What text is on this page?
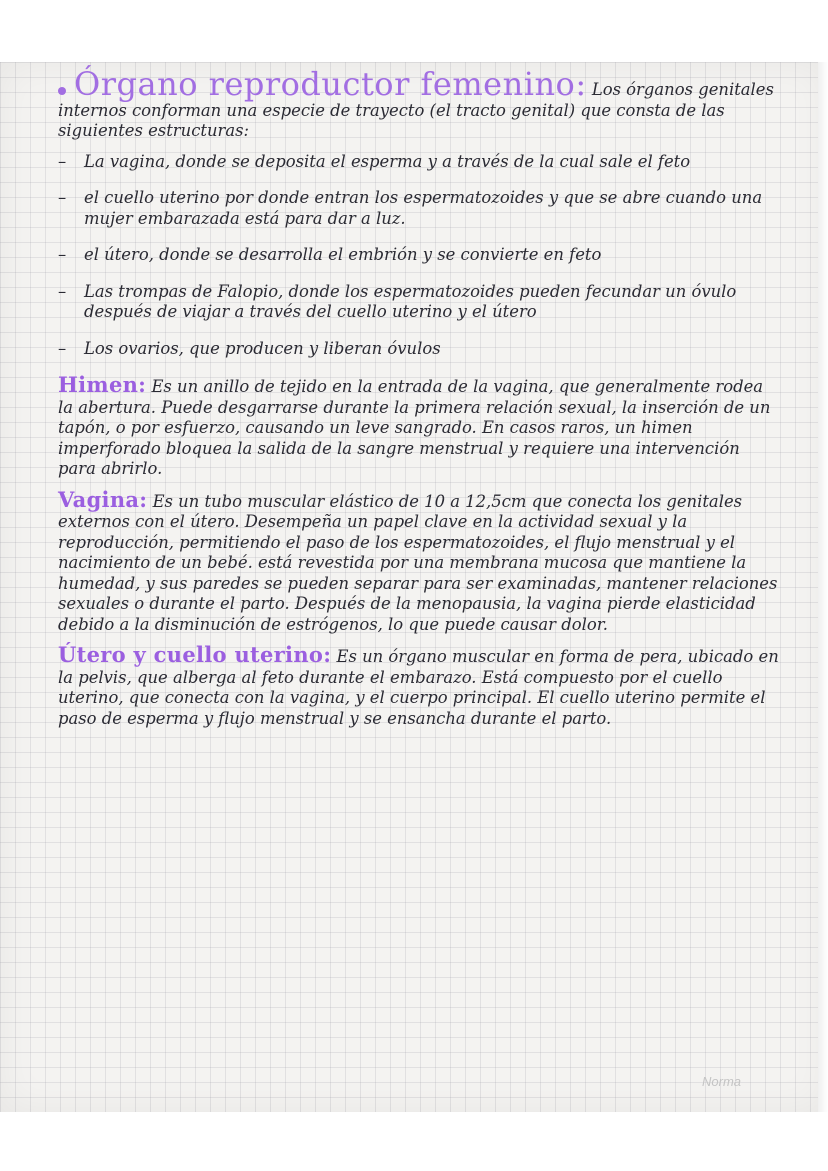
Órgano reproductor femenino: Los órganos genitales internos conforman una especie de trayecto (el tracto genital) que consta de las siguientes estructuras:

– La vagina, donde se deposita el esperma y a través de la cual sale el feto
– el cuello uterino por donde entran los espermatozoides y que se abre cuando una mujer embarazada está para dar a luz.
– el útero, donde se desarrolla el embrión y se convierte en feto
– Las trompas de Falopio, donde los espermatozoides pueden fecundar un óvulo después de viajar a través del cuello uterino y el útero
– Los ovarios, que producen y liberan óvulos

Himen: Es un anillo de tejido en la entrada de la vagina, que generalmente rodea la abertura. Puede desgarrarse durante la primera relación sexual, la inserción de un tapón, o por esfuerzo, causando un leve sangrado. En casos raros, un himen imperforado bloquea la salida de la sangre menstrual y requiere una intervención para abrirlo.

Vagina: Es un tubo muscular elástico de 10 a 12,5cm que conecta los genitales externos con el útero. Desempeña un papel clave en la actividad sexual y la reproducción, permitiendo el paso de los espermatozoides, el flujo menstrual y el nacimiento de un bebé. está revestida por una membrana mucosa que mantiene la humedad, y sus paredes se pueden separar para ser examinadas, mantener relaciones sexuales o durante el parto. Después de la menopausia, la vagina pierde elasticidad debido a la disminución de estrógenos, lo que puede causar dolor.

Útero y cuello uterino: Es un órgano muscular en forma de pera, ubicado en la pelvis, que alberga al feto durante el embarazo. Está compuesto por el cuello uterino, que conecta con la vagina, y el cuerpo principal. El cuello uterino permite el paso de esperma y flujo menstrual y se ensancha durante el parto.

Norma
